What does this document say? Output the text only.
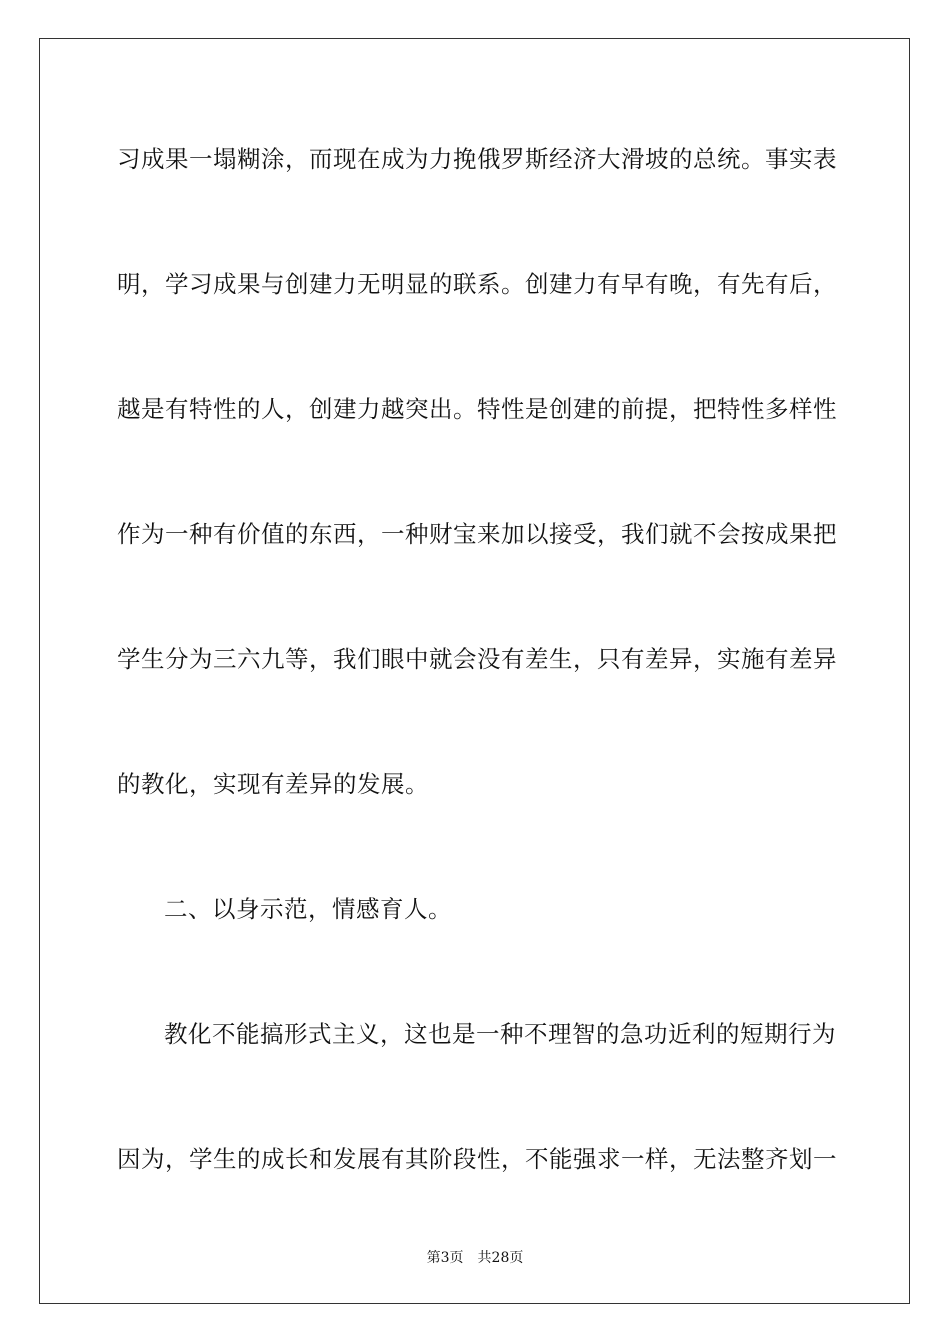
习成果一塌糊涂，而现在成为力挽俄罗斯经济大滑坡的总统。事实表
明，学习成果与创建力无明显的联系。创建力有早有晚，有先有后，
越是有特性的人，创建力越突出。特性是创建的前提，把特性多样性
作为一种有价值的东西，一种财宝来加以接受，我们就不会按成果把
学生分为三六九等，我们眼中就会没有差生，只有差异，实施有差异
的教化，实现有差异的发展。
二、以身示范，情感育人。
教化不能搞形式主义，这也是一种不理智的急功近利的短期行为
因为，学生的成长和发展有其阶段性，不能强求一样，无法整齐划一
第3页　共28页
